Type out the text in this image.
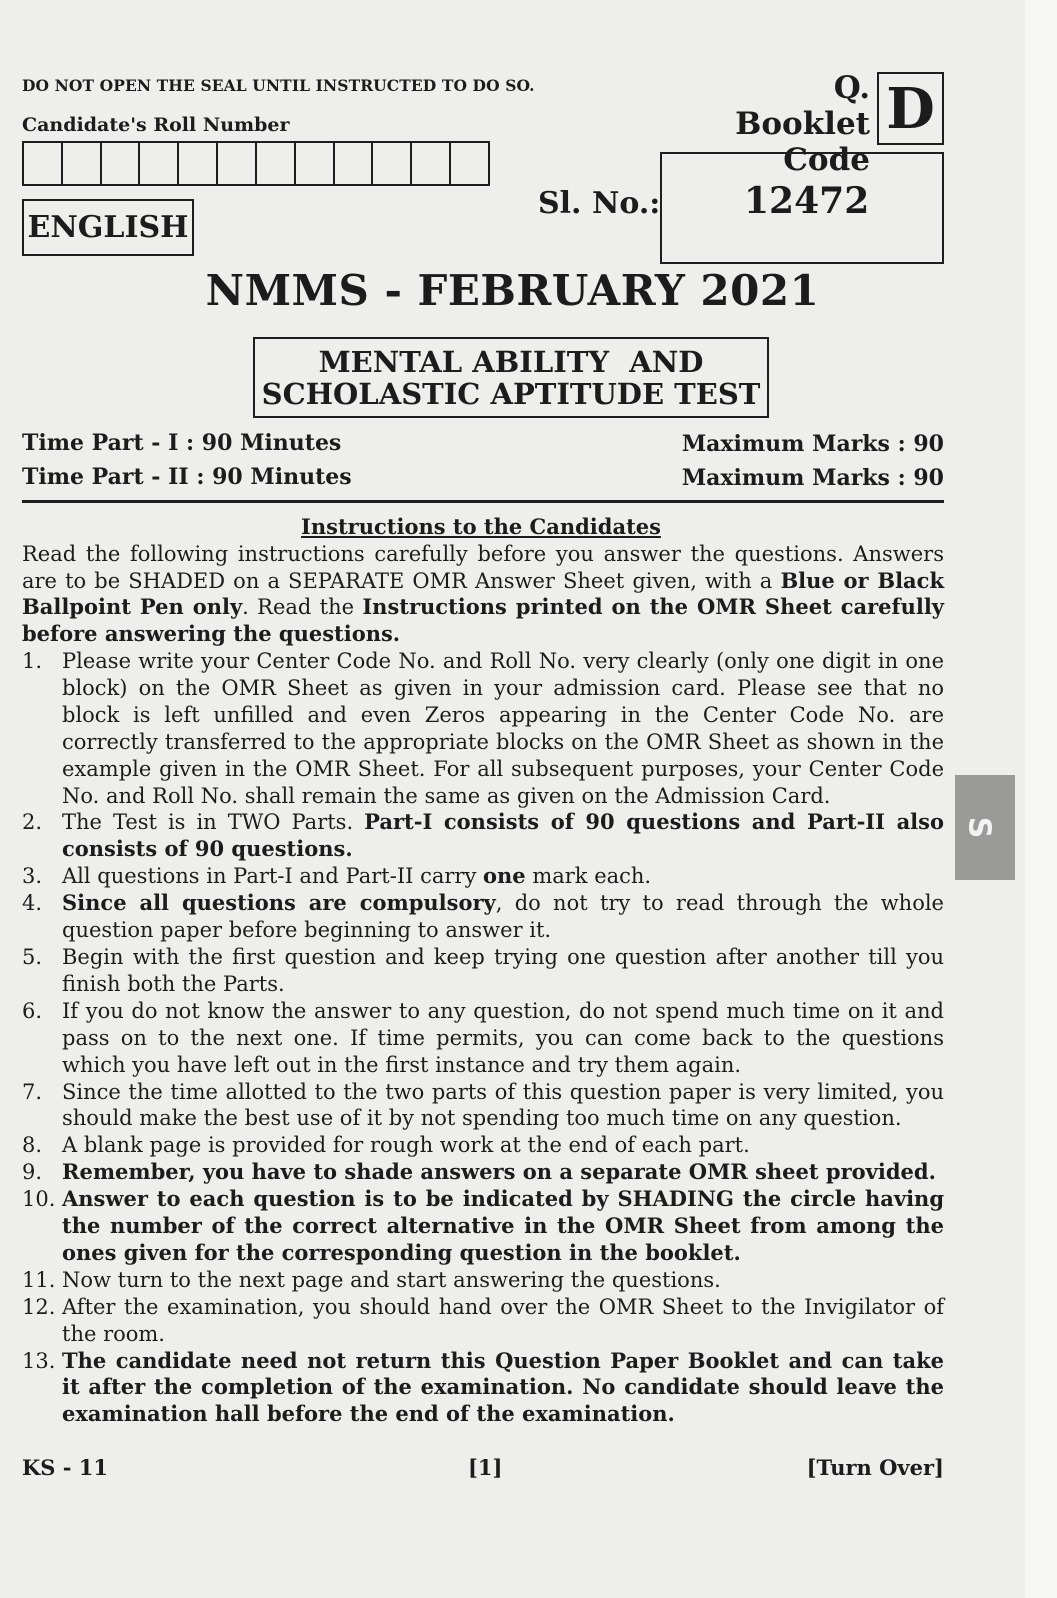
DO NOT OPEN THE SEAL UNTIL INSTRUCTED TO DO SO.
Candidate's Roll Number
ENGLISH
Q. Booklet
Code
D
Sl. No.:	12472
NMMS - FEBRUARY 2021
MENTAL ABILITY  AND
SCHOLASTIC APTITUDE TEST
Time Part - I : 90 Minutes
Time Part - II : 90 Minutes
Maximum Marks : 90
Maximum Marks : 90
Instructions to the Candidates
Read the following instructions carefully before you answer the questions. Answers are to be SHADED on a SEPARATE OMR Answer Sheet given, with a Blue or Black Ballpoint Pen only. Read the Instructions printed on the OMR Sheet carefully before answering the questions.
1. Please write your Center Code No. and Roll No. very clearly (only one digit in one block) on the OMR Sheet as given in your admission card. Please see that no block is left unfilled and even Zeros appearing in the Center Code No. are correctly transferred to the appropriate blocks on the OMR Sheet as shown in the example given in the OMR Sheet. For all subsequent purposes, your Center Code No. and Roll No. shall remain the same as given on the Admission Card.
2. The Test is in TWO Parts. Part-I consists of 90 questions and Part-II also consists of 90 questions.
3. All questions in Part-I and Part-II carry one mark each.
4. Since all questions are compulsory, do not try to read through the whole question paper before beginning to answer it.
5. Begin with the first question and keep trying one question after another till you finish both the Parts.
6. If you do not know the answer to any question, do not spend much time on it and pass on to the next one. If time permits, you can come back to the questions which you have left out in the first instance and try them again.
7. Since the time allotted to the two parts of this question paper is very limited, you should make the best use of it by not spending too much time on any question.
8. A blank page is provided for rough work at the end of each part.
9. Remember, you have to shade answers on a separate OMR sheet provided.
10. Answer to each question is to be indicated by SHADING the circle having the number of the correct alternative in the OMR Sheet from among the ones given for the corresponding question in the booklet.
11. Now turn to the next page and start answering the questions.
12. After the examination, you should hand over the OMR Sheet to the Invigilator of the room.
13. The candidate need not return this Question Paper Booklet and can take it after the completion of the examination. No candidate should leave the examination hall before the end of the examination.
KS - 11	[1]	[Turn Over]
S
